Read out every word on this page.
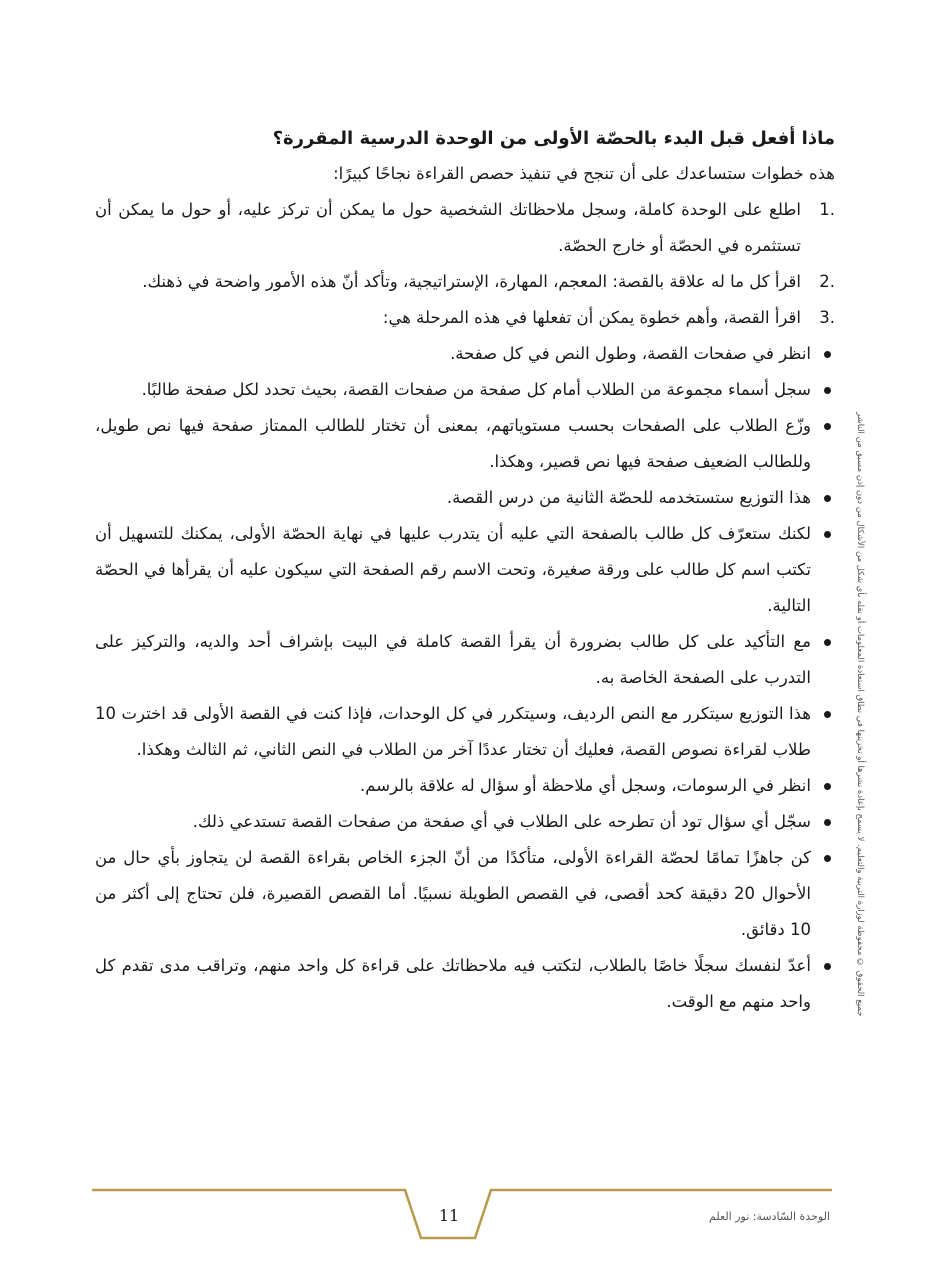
ماذا أفعل قبل البدء بالحصّة الأولى من الوحدة الدرسية المقررة؟

هذه خطوات ستساعدك على أن تنجح في تنفيذ حصص القراءة نجاحًا كبيرًا:

1.
اطلع على الوحدة كاملة، وسجل ملاحظاتك الشخصية حول ما يمكن أن تركز عليه، أو حول ما يمكن أن تستثمره في الحصّة أو خارج الحصّة.
2.
اقرأ كل ما له علاقة بالقصة: المعجم، المهارة، الإستراتيجية، وتأكد أنّ هذه الأمور واضحة في ذهنك.
3.
اقرأ القصة، وأهم خطوة يمكن أن تفعلها في هذه المرحلة هي:
انظر في صفحات القصة، وطول النص في كل صفحة.
سجل أسماء مجموعة من الطلاب أمام كل صفحة من صفحات القصة، بحيث تحدد لكل صفحة طالبًا.
وزّع الطلاب على الصفحات بحسب مستوياتهم، بمعنى أن تختار للطالب الممتاز صفحة فيها نص طويل، وللطالب الضعيف صفحة فيها نص قصير، وهكذا.
هذا التوزيع ستستخدمه للحصّة الثانية من درس القصة.
لكنك ستعرّف كل طالب بالصفحة التي عليه أن يتدرب عليها في نهاية الحصّة الأولى، يمكنك للتسهيل أن تكتب اسم كل طالب على ورقة صغيرة، وتحت الاسم رقم الصفحة التي سيكون عليه أن يقرأها في الحصّة التالية.
مع التأكيد على كل طالب بضرورة أن يقرأ القصة كاملة في البيت بإشراف أحد والديه، والتركيز على التدرب على الصفحة الخاصة به.
هذا التوزيع سيتكرر مع النص الرديف، وسيتكرر في كل الوحدات، فإذا كنت في القصة الأولى قد اخترت 10 طلاب لقراءة نصوص القصة، فعليك أن تختار عددًا آخر من الطلاب في النص الثاني، ثم الثالث وهكذا.
انظر في الرسومات، وسجل أي ملاحظة أو سؤال له علاقة بالرسم.
سجّل أي سؤال تود أن تطرحه على الطلاب في أي صفحة من صفحات القصة تستدعي ذلك.
كن جاهزًا تمامًا لحصّة القراءة الأولى، متأكدًا من أنّ الجزء الخاص بقراءة القصة لن يتجاوز بأي حال من الأحوال 20 دقيقة كحد أقصى، في القصص الطويلة نسبيًا. أما القصص القصيرة، فلن تحتاج إلى أكثر من 10 دقائق.
أعدّ لنفسك سجلًا خاصًا بالطلاب، لتكتب فيه ملاحظاتك على قراءة كل واحد منهم، وتراقب مدى تقدم كل واحد منهم مع الوقت.	جميع الحقوق © محفوظة لوزارة التربية والتعليم. لا يسمح بإعادة نشرها أو تخزينها في نطاق استعادة المعلومات أو نقله بأي شكل من الأشكال من دون إذن مسبق من الناشر
11	الوحدة السّادسة: نور العلم
